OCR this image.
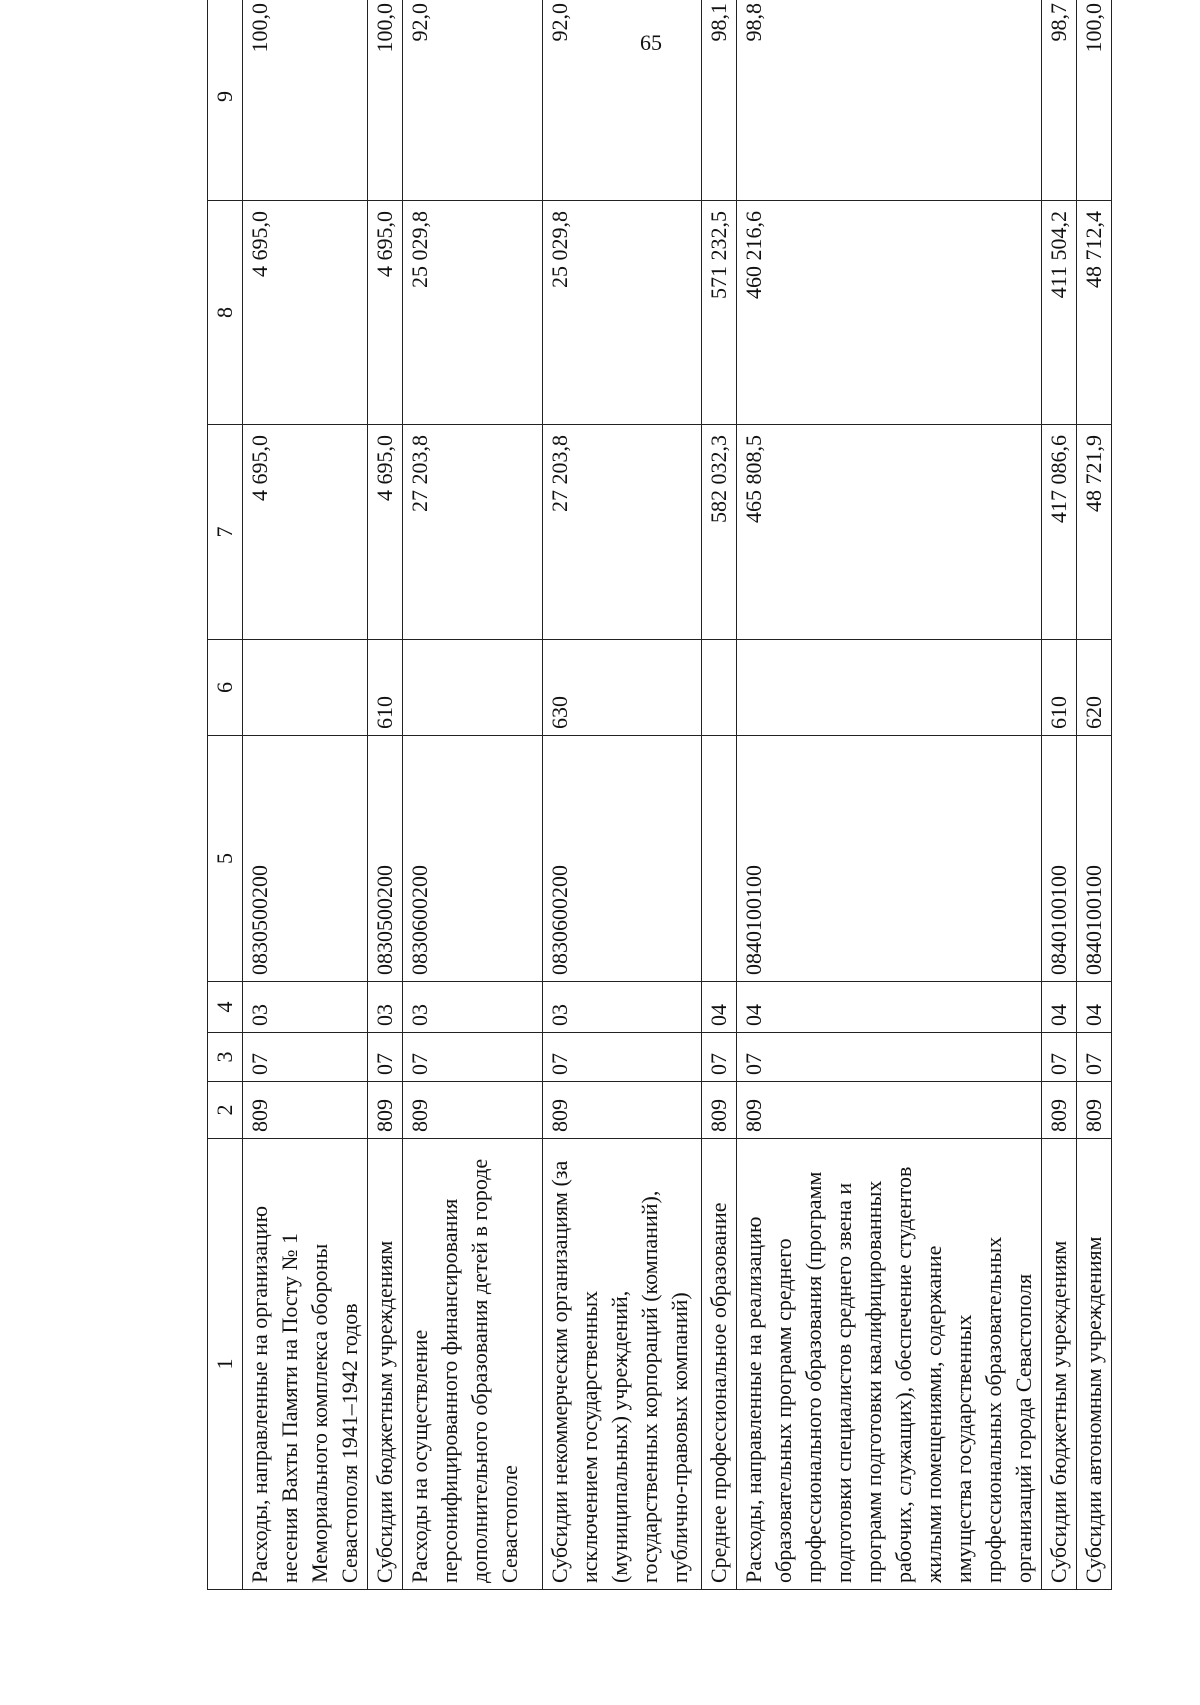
65
1	2	3	4	5	6	7	8	9
Расходы, направленные на организацию несения Вахты Памяти на Посту № 1 Мемориального комплекса обороны Севастополя 1941–1942 годов	809	07	03	0830500200		4 695,0	4 695,0	100,0
Субсидии бюджетным учреждениям	809	07	03	0830500200	610	4 695,0	4 695,0	100,0
Расходы на осуществление персонифицированного финансирования дополнительного образования детей в городе Севастополе	809	07	03	0830600200		27 203,8	25 029,8	92,0
Субсидии некоммерческим организациям (за исключением государственных (муниципальных) учреждений, государственных корпораций (компаний), публично-правовых компаний)	809	07	03	0830600200	630	27 203,8	25 029,8	92,0
Среднее профессиональное образование	809	07	04			582 032,3	571 232,5	98,1
Расходы, направленные на реализацию образовательных программ среднего профессионального образования (программ подготовки специалистов среднего звена и программ подготовки квалифицированных рабочих, служащих), обеспечение студентов жилыми помещениями, содержание имущества государственных профессиональных образовательных организаций города Севастополя	809	07	04	0840100100		465 808,5	460 216,6	98,8
Субсидии бюджетным учреждениям	809	07	04	0840100100	610	417 086,6	411 504,2	98,7
Субсидии автономным учреждениям	809	07	04	0840100100	620	48 721,9	48 712,4	100,0
